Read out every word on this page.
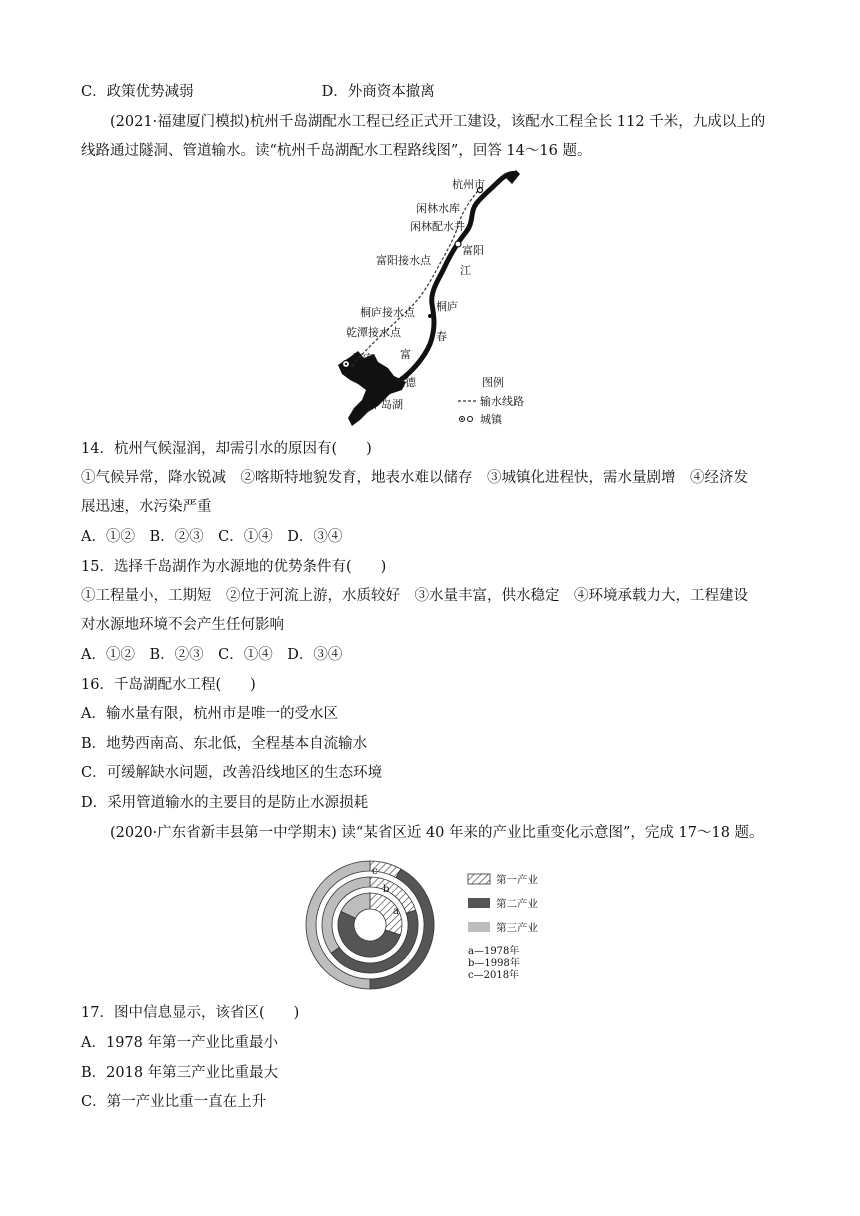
C．政策优势减弱	D．外商资本撤离
(2021·福建厦门模拟)杭州千岛湖配水工程已经正式开工建设，该配水工程全长 112 千米，九成以上的
线路通过隧洞、管道输水。读“杭州千岛湖配水工程路线图”，回答 14～16 题。
杭州市
闲林水库
闲林配水井
富阳
富阳接水点
江
桐庐接水点 桐庐
春
乾潭接水点
淳安 富
建德
千岛湖
图例
输水线路
城镇
14．杭州气候湿润，却需引水的原因有(　　)
①气候异常，降水锐减　②喀斯特地貌发育，地表水难以储存　③城镇化进程快，需水量剧增　④经济发
展迅速，水污染严重
A．①②　B．②③　C．①④　D．③④
15．选择千岛湖作为水源地的优势条件有(　　)
①工程量小，工期短　②位于河流上游，水质较好　③水量丰富，供水稳定　④环境承载力大，工程建设
对水源地环境不会产生任何影响
A．①②　B．②③　C．①④　D．③④
16．千岛湖配水工程(　　)
A．输水量有限，杭州市是唯一的受水区
B．地势西南高、东北低，全程基本自流输水
C．可缓解缺水问题，改善沿线地区的生态环境
D．采用管道输水的主要目的是防止水源损耗
(2020·广东省新丰县第一中学期末) 读“某省区近 40 年来的产业比重变化示意图”，完成 17～18 题。
a
b
c
第一产业
第二产业
第三产业
a—1978年
b—1998年
c—2018年
17．图中信息显示，该省区(　　)
A．1978 年第一产业比重最小
B．2018 年第三产业比重最大
C．第一产业比重一直在上升
